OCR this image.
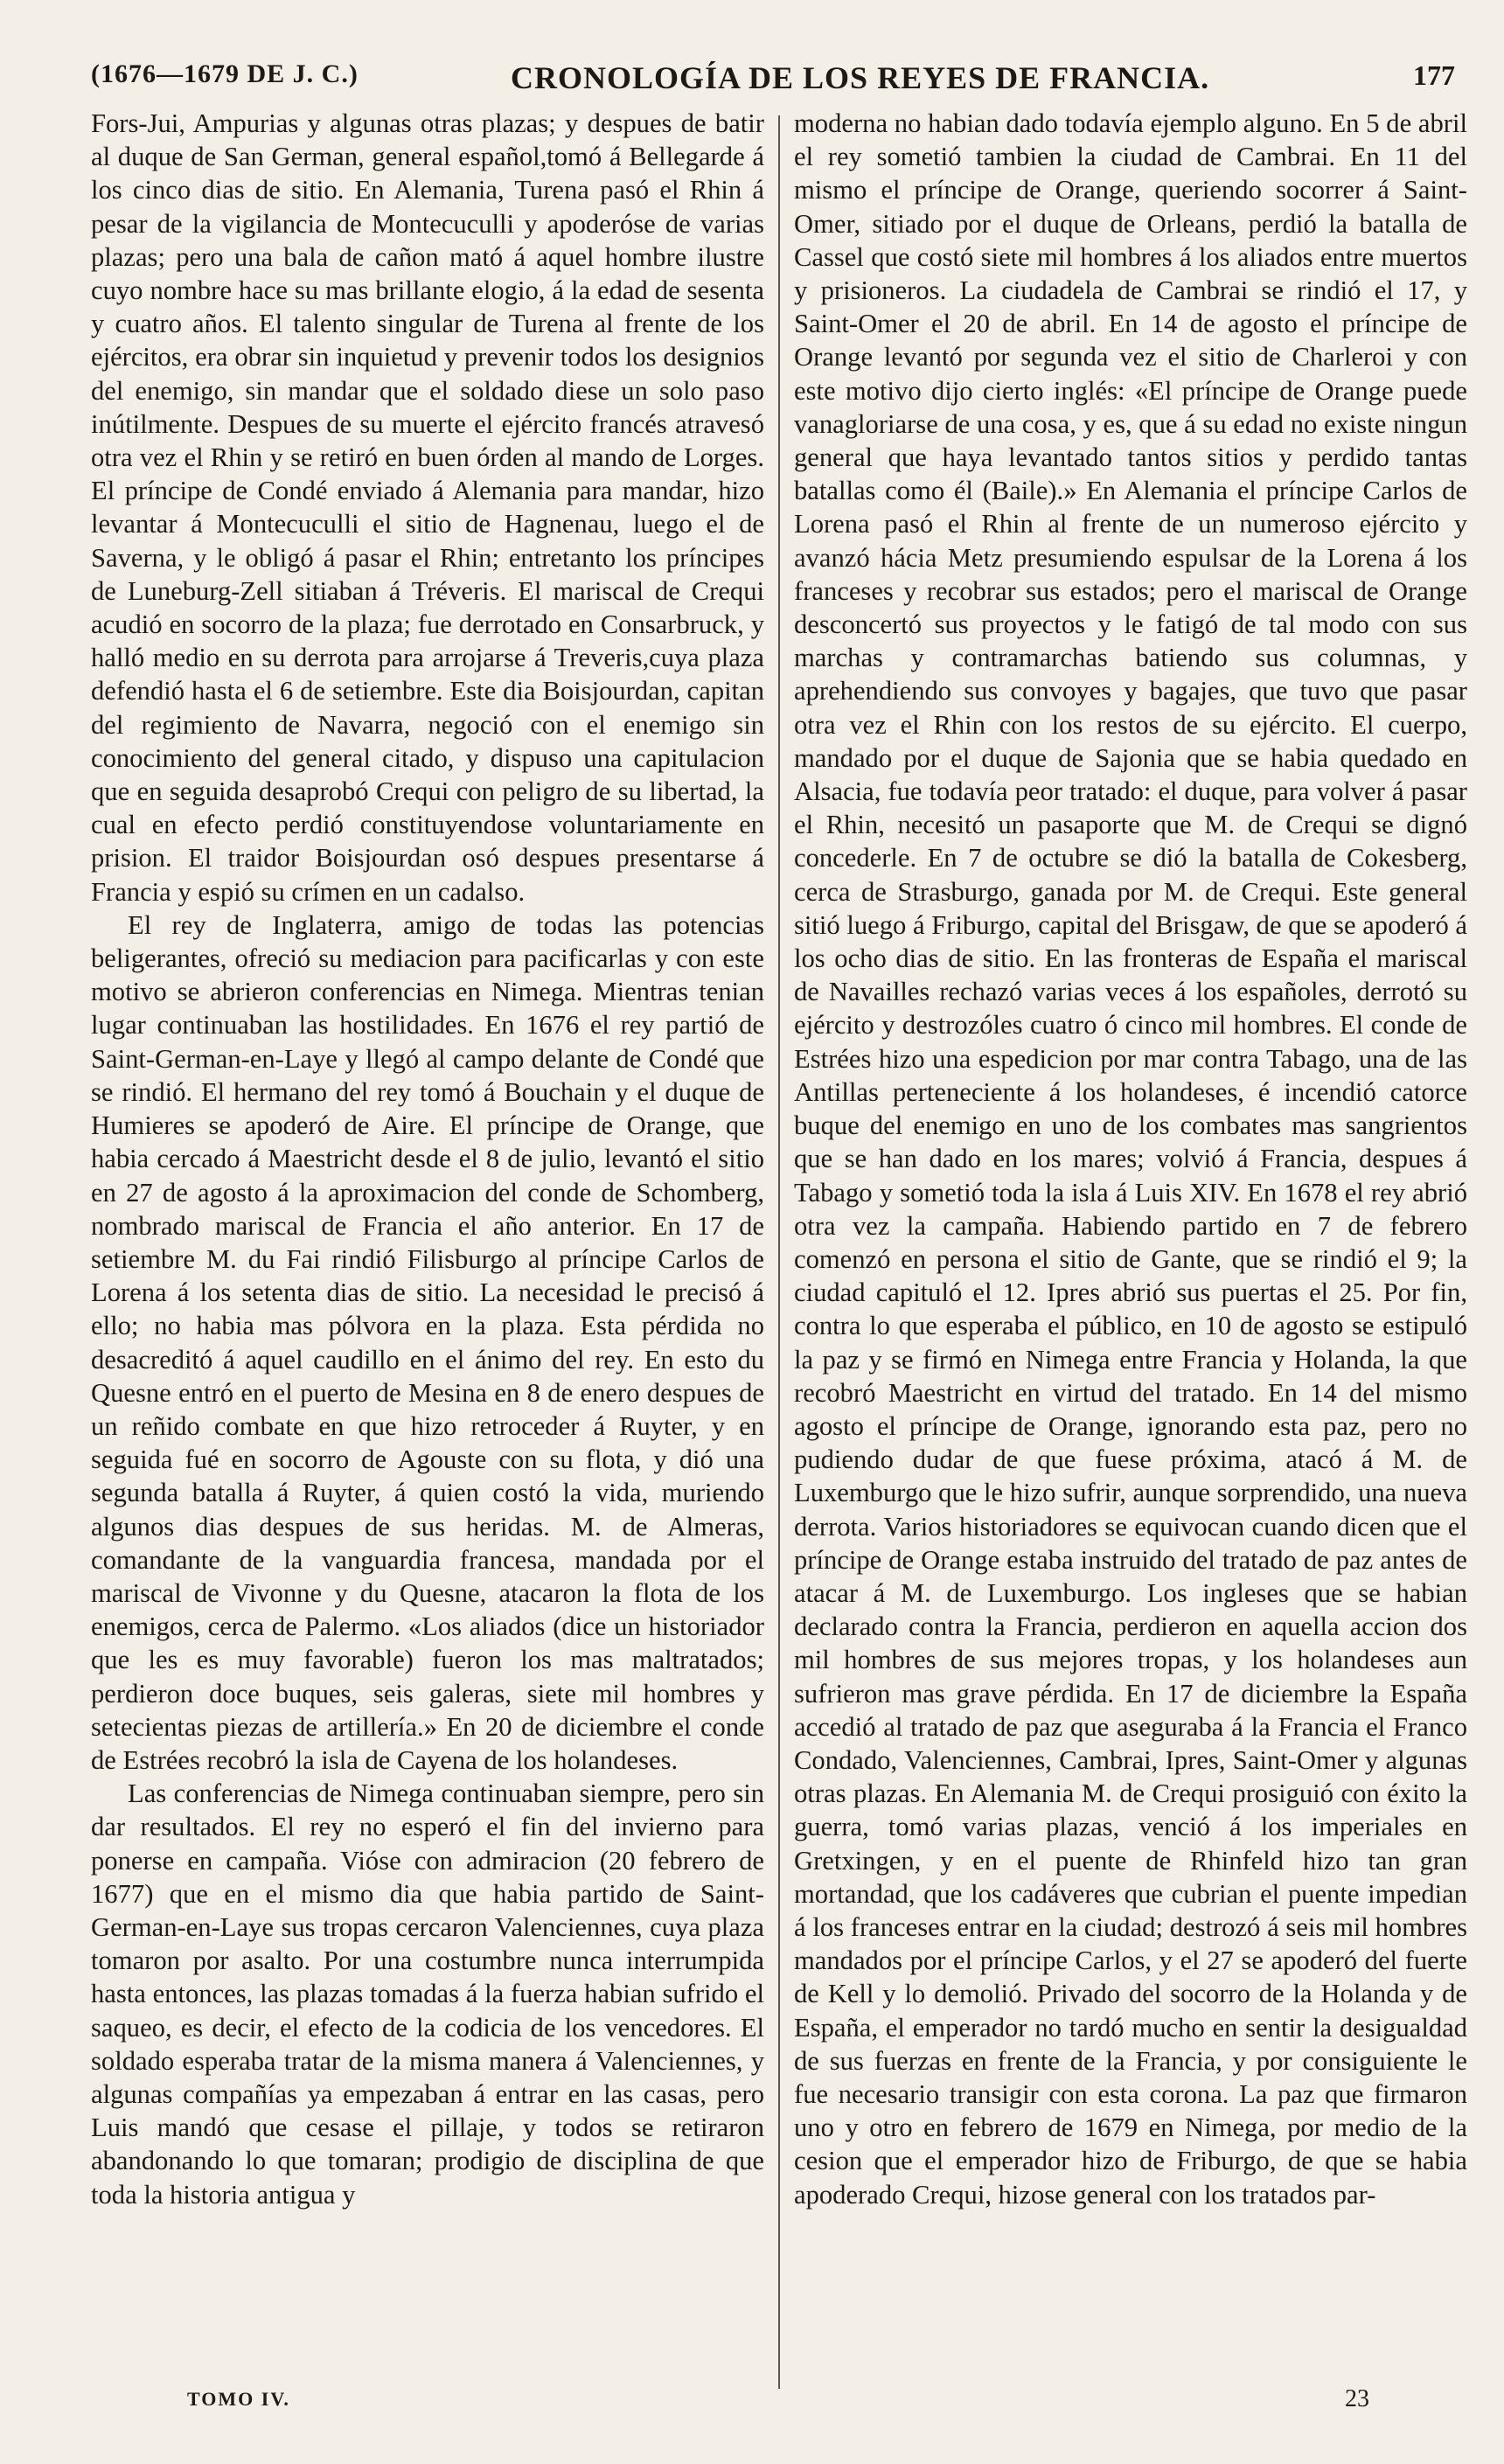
(1676—1679 DE J. C.)	CRONOLOGÍA DE LOS REYES DE FRANCIA.	177

Fors-Jui, Ampurias y algunas otras plazas; y despues de batir al duque de San German, general español,tomó á Bellegarde á los cinco dias de sitio. En Alemania, Turena pasó el Rhin á pesar de la vigilancia de Montecuculli y apoderóse de varias plazas; pero una bala de cañon mató á aquel hombre ilustre cuyo nombre hace su mas brillante elogio, á la edad de sesenta y cuatro años. El talento singular de Turena al frente de los ejércitos, era obrar sin inquietud y prevenir todos los designios del enemigo, sin mandar que el soldado diese un solo paso inútilmente. Despues de su muerte el ejército francés atravesó otra vez el Rhin y se retiró en buen órden al mando de Lorges. El príncipe de Condé enviado á Alemania para mandar, hizo levantar á Montecuculli el sitio de Hagnenau, luego el de Saverna, y le obligó á pasar el Rhin; entretanto los príncipes de Luneburg-Zell sitiaban á Tréveris. El mariscal de Crequi acudió en socorro de la plaza; fue derrotado en Consarbruck, y halló medio en su derrota para arrojarse á Treveris,cuya plaza defendió hasta el 6 de setiembre. Este dia Boisjourdan, capitan del regimiento de Navarra, negoció con el enemigo sin conocimiento del general citado, y dispuso una capitulacion que en seguida desaprobó Crequi con peligro de su libertad, la cual en efecto perdió constituyendose voluntariamente en prision. El traidor Boisjourdan osó despues presentarse á Francia y espió su crímen en un cadalso.

El rey de Inglaterra, amigo de todas las potencias beligerantes, ofreció su mediacion para pacificarlas y con este motivo se abrieron conferencias en Nimega. Mientras tenian lugar continuaban las hostilidades. En 1676 el rey partió de Saint-German-en-Laye y llegó al campo delante de Condé que se rindió. El hermano del rey tomó á Bouchain y el duque de Humieres se apoderó de Aire. El príncipe de Orange, que habia cercado á Maestricht desde el 8 de julio, levantó el sitio en 27 de agosto á la aproximacion del conde de Schomberg, nombrado mariscal de Francia el año anterior. En 17 de setiembre M. du Fai rindió Filisburgo al príncipe Carlos de Lorena á los setenta dias de sitio. La necesidad le precisó á ello; no habia mas pólvora en la plaza. Esta pérdida no desacreditó á aquel caudillo en el ánimo del rey. En esto du Quesne entró en el puerto de Mesina en 8 de enero despues de un reñido combate en que hizo retroceder á Ruyter, y en seguida fué en socorro de Agouste con su flota, y dió una segunda batalla á Ruyter, á quien costó la vida, muriendo algunos dias despues de sus heridas. M. de Almeras, comandante de la vanguardia francesa, mandada por el mariscal de Vivonne y du Quesne, atacaron la flota de los enemigos, cerca de Palermo. «Los aliados (dice un historiador que les es muy favorable) fueron los mas maltratados; perdieron doce buques, seis galeras, siete mil hombres y setecientas piezas de artillería.» En 20 de diciembre el conde de Estrées recobró la isla de Cayena de los holandeses.

Las conferencias de Nimega continuaban siempre, pero sin dar resultados. El rey no esperó el fin del invierno para ponerse en campaña. Vióse con admiracion (20 febrero de 1677) que en el mismo dia que habia partido de Saint-German-en-Laye sus tropas cercaron Valenciennes, cuya plaza tomaron por asalto. Por una costumbre nunca interrumpida hasta entonces, las plazas tomadas á la fuerza habian sufrido el saqueo, es decir, el efecto de la codicia de los vencedores. El soldado esperaba tratar de la misma manera á Valenciennes, y algunas compañías ya empezaban á entrar en las casas, pero Luis mandó que cesase el pillaje, y todos se retiraron abandonando lo que tomaran; prodigio de disciplina de que toda la historia antigua y

moderna no habian dado todavía ejemplo alguno. En 5 de abril el rey sometió tambien la ciudad de Cambrai. En 11 del mismo el príncipe de Orange, queriendo socorrer á Saint-Omer, sitiado por el duque de Orleans, perdió la batalla de Cassel que costó siete mil hombres á los aliados entre muertos y prisioneros. La ciudadela de Cambrai se rindió el 17, y Saint-Omer el 20 de abril. En 14 de agosto el príncipe de Orange levantó por segunda vez el sitio de Charleroi y con este motivo dijo cierto inglés: «El príncipe de Orange puede vanagloriarse de una cosa, y es, que á su edad no existe ningun general que haya levantado tantos sitios y perdido tantas batallas como él (Baile).» En Alemania el príncipe Carlos de Lorena pasó el Rhin al frente de un numeroso ejército y avanzó hácia Metz presumiendo espulsar de la Lorena á los franceses y recobrar sus estados; pero el mariscal de Orange desconcertó sus proyectos y le fatigó de tal modo con sus marchas y contramarchas batiendo sus columnas, y aprehendiendo sus convoyes y bagajes, que tuvo que pasar otra vez el Rhin con los restos de su ejército. El cuerpo, mandado por el duque de Sajonia que se habia quedado en Alsacia, fue todavía peor tratado: el duque, para volver á pasar el Rhin, necesitó un pasaporte que M. de Crequi se dignó concederle. En 7 de octubre se dió la batalla de Cokesberg, cerca de Strasburgo, ganada por M. de Crequi. Este general sitió luego á Friburgo, capital del Brisgaw, de que se apoderó á los ocho dias de sitio. En las fronteras de España el mariscal de Navailles rechazó varias veces á los españoles, derrotó su ejército y destrozóles cuatro ó cinco mil hombres. El conde de Estrées hizo una espedicion por mar contra Tabago, una de las Antillas perteneciente á los holandeses, é incendió catorce buque del enemigo en uno de los combates mas sangrientos que se han dado en los mares; volvió á Francia, despues á Tabago y sometió toda la isla á Luis XIV. En 1678 el rey abrió otra vez la campaña. Habiendo partido en 7 de febrero comenzó en persona el sitio de Gante, que se rindió el 9; la ciudad capituló el 12. Ipres abrió sus puertas el 25. Por fin, contra lo que esperaba el público, en 10 de agosto se estipuló la paz y se firmó en Nimega entre Francia y Holanda, la que recobró Maestricht en virtud del tratado. En 14 del mismo agosto el príncipe de Orange, ignorando esta paz, pero no pudiendo dudar de que fuese próxima, atacó á M. de Luxemburgo que le hizo sufrir, aunque sorprendido, una nueva derrota. Varios historiadores se equivocan cuando dicen que el príncipe de Orange estaba instruido del tratado de paz antes de atacar á M. de Luxemburgo. Los ingleses que se habian declarado contra la Francia, perdieron en aquella accion dos mil hombres de sus mejores tropas, y los holandeses aun sufrieron mas grave pérdida. En 17 de diciembre la España accedió al tratado de paz que aseguraba á la Francia el Franco Condado, Valenciennes, Cambrai, Ipres, Saint-Omer y algunas otras plazas. En Alemania M. de Crequi prosiguió con éxito la guerra, tomó varias plazas, venció á los imperiales en Gretxingen, y en el puente de Rhinfeld hizo tan gran mortandad, que los cadáveres que cubrian el puente impedian á los franceses entrar en la ciudad; destrozó á seis mil hombres mandados por el príncipe Carlos, y el 27 se apoderó del fuerte de Kell y lo demolió. Privado del socorro de la Holanda y de España, el emperador no tardó mucho en sentir la desigualdad de sus fuerzas en frente de la Francia, y por consiguiente le fue necesario transigir con esta corona. La paz que firmaron uno y otro en febrero de 1679 en Nimega, por medio de la cesion que el emperador hizo de Friburgo, de que se habia apoderado Crequi, hizose general con los tratados par-

TOMO IV.	23
